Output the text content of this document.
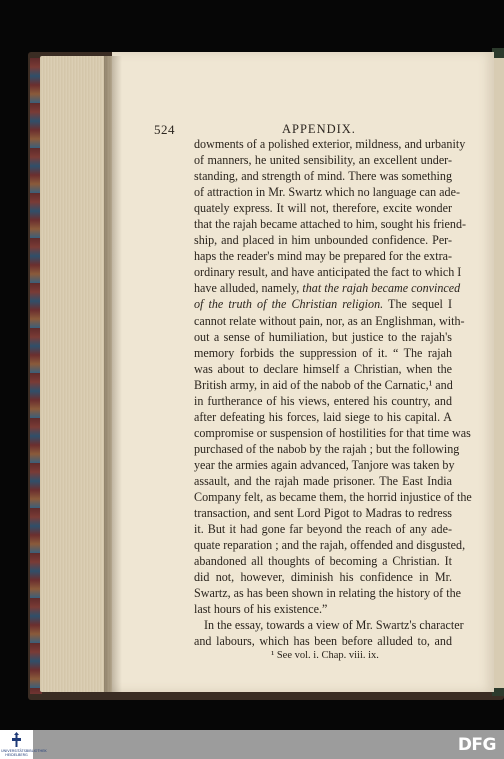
524	APPENDIX.
dowments of a polished exterior, mildness, and urbanity
of manners, he united sensibility, an excellent under-
standing, and strength of mind. There was something
of attraction in Mr. Swartz which no language can ade-
quately express. It will not, therefore, excite wonder
that the rajah became attached to him, sought his friend-
ship, and placed in him unbounded confidence. Per-
haps the reader's mind may be prepared for the extra-
ordinary result, and have anticipated the fact to which I
have alluded, namely, that the rajah became convinced
of the truth of the Christian religion. The sequel I
cannot relate without pain, nor, as an Englishman, with-
out a sense of humiliation, but justice to the rajah's
memory forbids the suppression of it. “ The rajah
was about to declare himself a Christian, when the
British army, in aid of the nabob of the Carnatic,¹ and
in furtherance of his views, entered his country, and
after defeating his forces, laid siege to his capital. A
compromise or suspension of hostilities for that time was
purchased of the nabob by the rajah ; but the following
year the armies again advanced, Tanjore was taken by
assault, and the rajah made prisoner. The East India
Company felt, as became them, the horrid injustice of the
transaction, and sent Lord Pigot to Madras to redress
it. But it had gone far beyond the reach of any ade-
quate reparation ; and the rajah, offended and disgusted,
abandoned all thoughts of becoming a Christian. It
did not, however, diminish his confidence in Mr.
Swartz, as has been shown in relating the history of the
last hours of his existence.”
In the essay, towards a view of Mr. Swartz's character
and labours, which has been before alluded to, and
¹ See vol. i. Chap. viii. ix.
UNIVERSITÄTSBIBLIOTHEK HEIDELBERG	DFG
